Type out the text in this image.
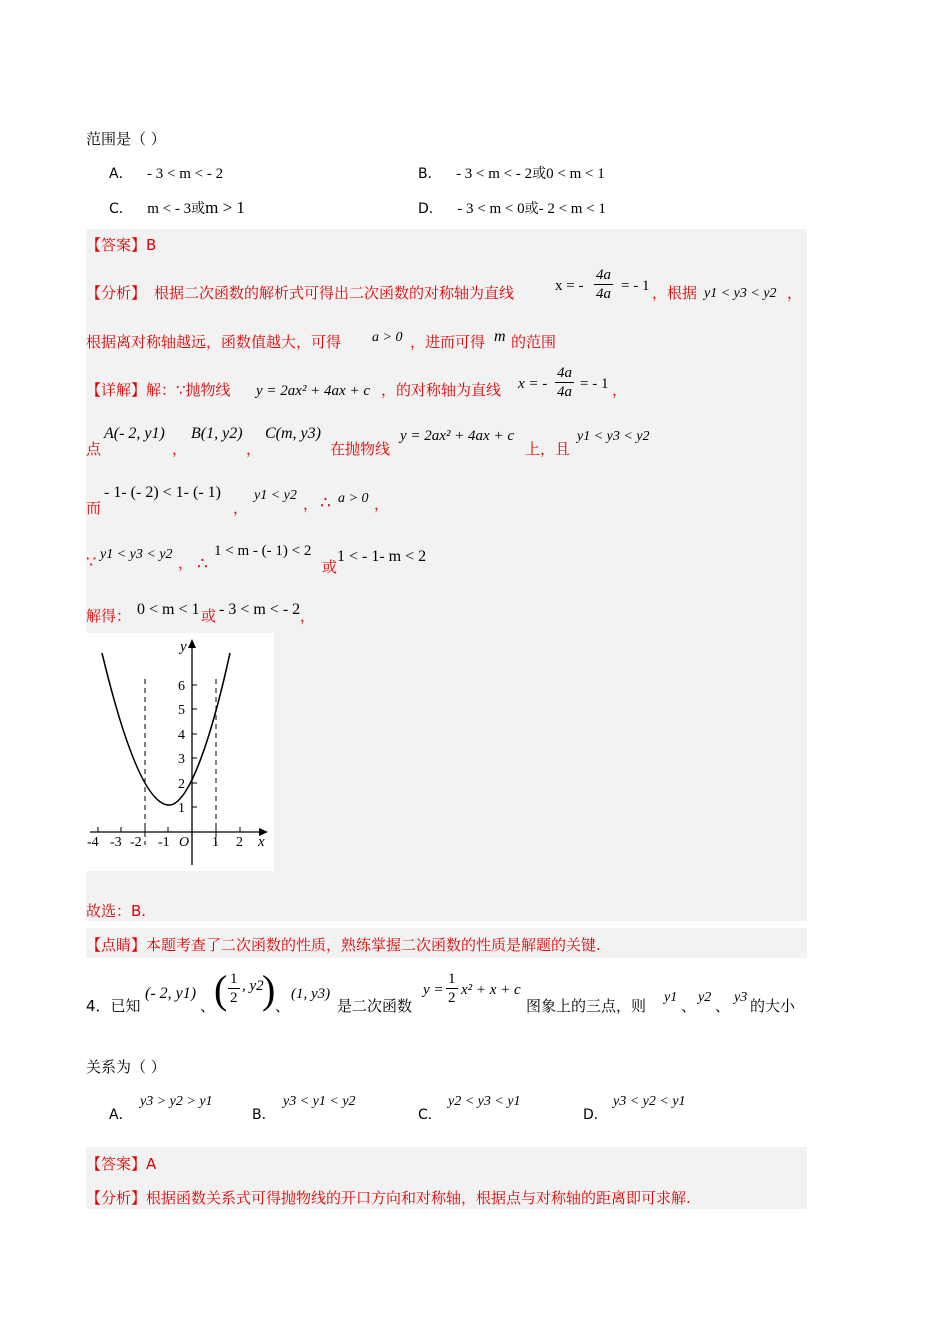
范围是（ ）
A． - 3 < m < - 2	B． - 3 < m < - 2或0 < m < 1
C． m < - 3或m > 1	D． - 3 < m < 0或- 2 < m < 1
【答案】B
【分析】 根据二次函数的解析式可得出二次函数的对称轴为直线	x = - $\frac{4a}{4a}$ = - 1 ，根据 y1 < y3 < y2 ，
根据离对称轴越远，函数值越大，可得 a > 0 ，进而可得 m 的范围
【详解】解：∵抛物线 y = 2ax² + 4ax + c ，的对称轴为直线 x = - $\frac{4a}{4a}$ = - 1 ，
点
A(- 2, y1)
，
B(1, y2)
，
C(m, y3)
在抛物线
y = 2ax² + 4ax + c
上，且
y1 < y3 < y2
而
- 1- (- 2) < 1- (- 1)
，
y1 < y2 ， ∴ a > 0 ，
∵ y1 < y3 < y2 ， ∴
1 < m - (- 1) < 2
或
1 < - 1- m < 2
解得： 0 < m < 1 或 - 3 < m < - 2 ，
y
x
O
6
5
4
3
2
1
-4 -3 -2 -1	1 2
故选：B.
【点睛】本题考查了二次函数的性质，熟练掌握二次函数的性质是解题的关键.
4．已知
(- 2, y1)
、
( $\frac{1}{2}$ , y2
) 、
(1, y3)
是二次函数
$y = \frac{1}{2} x^2 + x + c$
图象上的三点，则 y1 、 y2 、 y3 的大小
关系为（ ）
A．
y3 > y2 > y1
B．
y3 < y1 < y2
C．
y2 < y3 < y1
D．
y3 < y2 < y1
【答案】A
【分析】根据函数关系式可得抛物线的开口方向和对称轴，根据点与对称轴的距离即可求解.
